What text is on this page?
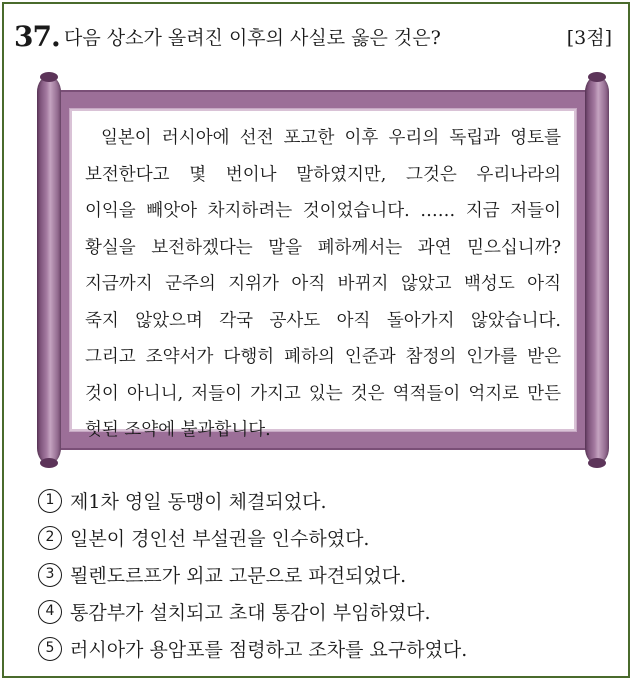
37. 다음 상소가 올려진 이후의 사실로 옳은 것은?	[3점]
일본이 러시아에 선전 포고한 이후 우리의 독립과 영토를
보전한다고 몇 번이나 말하였지만, 그것은 우리나라의
이익을 빼앗아 차지하려는 것이었습니다. …… 지금 저들이
황실을 보전하겠다는 말을 폐하께서는 과연 믿으십니까?
지금까지 군주의 지위가 아직 바뀌지 않았고 백성도 아직
죽지 않았으며 각국 공사도 아직 돌아가지 않았습니다.
그리고 조약서가 다행히 폐하의 인준과 참정의 인가를 받은
것이 아니니, 저들이 가지고 있는 것은 역적들이 억지로 만든
헛된 조약에 불과합니다.
1 제1차 영일 동맹이 체결되었다.
2 일본이 경인선 부설권을 인수하였다.
3 묄렌도르프가 외교 고문으로 파견되었다.
4 통감부가 설치되고 초대 통감이 부임하였다.
5 러시아가 용암포를 점령하고 조차를 요구하였다.
